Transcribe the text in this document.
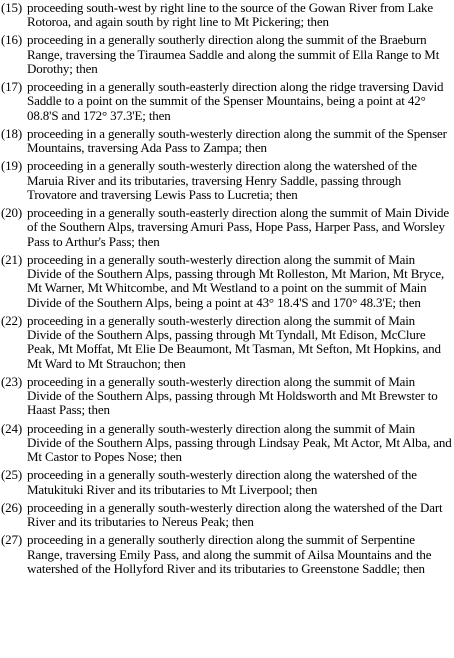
(15) proceeding south-west by right line to the source of the Gowan River from Lake Rotoroa, and again south by right line to Mt Pickering; then
(16) proceeding in a generally southerly direction along the summit of the Braeburn Range, traversing the Tiraumea Saddle and along the summit of Ella Range to Mt Dorothy; then
(17) proceeding in a generally south-easterly direction along the ridge traversing David Saddle to a point on the summit of the Spenser Mountains, being a point at 42° 08.8'S and 172° 37.3'E; then
(18) proceeding in a generally south-westerly direction along the summit of the Spenser Mountains, traversing Ada Pass to Zampa; then
(19) proceeding in a generally south-westerly direction along the watershed of the Maruia River and its tributaries, traversing Henry Saddle, passing through Trovatore and traversing Lewis Pass to Lucretia; then
(20) proceeding in a generally south-easterly direction along the summit of Main Divide of the Southern Alps, traversing Amuri Pass, Hope Pass, Harper Pass, and Worsley Pass to Arthur's Pass; then
(21) proceeding in a generally south-westerly direction along the summit of Main Divide of the Southern Alps, passing through Mt Rolleston, Mt Marion, Mt Bryce, Mt Warner, Mt Whitcombe, and Mt Westland to a point on the summit of Main Divide of the Southern Alps, being a point at 43° 18.4'S and 170° 48.3'E; then
(22) proceeding in a generally south-westerly direction along the summit of Main Divide of the Southern Alps, passing through Mt Tyndall, Mt Edison, McClure Peak, Mt Moffat, Mt Elie De Beaumont, Mt Tasman, Mt Sefton, Mt Hopkins, and Mt Ward to Mt Strauchon; then
(23) proceeding in a generally south-westerly direction along the summit of Main Divide of the Southern Alps, passing through Mt Holdsworth and Mt Brewster to Haast Pass; then
(24) proceeding in a generally south-westerly direction along the summit of Main Divide of the Southern Alps, passing through Lindsay Peak, Mt Actor, Mt Alba, and Mt Castor to Popes Nose; then
(25) proceeding in a generally south-westerly direction along the watershed of the Matukituki River and its tributaries to Mt Liverpool; then
(26) proceeding in a generally south-westerly direction along the watershed of the Dart River and its tributaries to Nereus Peak; then
(27) proceeding in a generally southerly direction along the summit of Serpentine Range, traversing Emily Pass, and along the summit of Ailsa Mountains and the watershed of the Hollyford River and its tributaries to Greenstone Saddle; then
